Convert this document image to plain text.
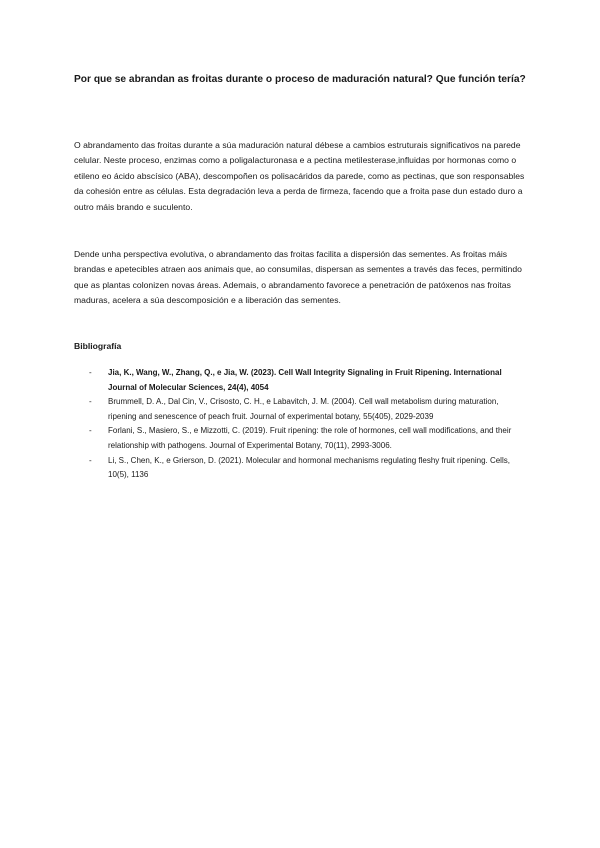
Por que se abrandan as froitas durante o proceso de maduración natural? Que función tería?

O abrandamento das froitas durante a súa maduración natural débese a cambios estruturais significativos na parede celular. Neste proceso, enzimas como a poligalacturonasa e a pectina metilesterase,influidas por hormonas como o etileno eo ácido abscísico (ABA), descompoñen os polisacáridos da parede, como as pectinas, que son responsables da cohesión entre as células. Esta degradación leva a perda de firmeza, facendo que a froita pase dun estado duro a outro máis brando e suculento.

Dende unha perspectiva evolutiva, o abrandamento das froitas facilita a dispersión das sementes. As froitas máis brandas e apetecibles atraen aos animais que, ao consumilas, dispersan as sementes a través das feces, permitindo que as plantas colonizen novas áreas. Ademais, o abrandamento favorece a penetración de patóxenos nas froitas maduras, acelera a súa descomposición e a liberación das sementes.

Bibliografía
- Jia, K., Wang, W., Zhang, Q., e Jia, W. (2023). Cell Wall Integrity Signaling in Fruit Ripening. International Journal of Molecular Sciences, 24(4), 4054
- Brummell, D. A., Dal Cin, V., Crisosto, C. H., e Labavitch, J. M. (2004). Cell wall metabolism during maturation, ripening and senescence of peach fruit. Journal of experimental botany, 55(405), 2029-2039
- Forlani, S., Masiero, S., e Mizzotti, C. (2019). Fruit ripening: the role of hormones, cell wall modifications, and their relationship with pathogens. Journal of Experimental Botany, 70(11), 2993-3006.
- Li, S., Chen, K., e Grierson, D. (2021). Molecular and hormonal mechanisms regulating fleshy fruit ripening. Cells, 10(5), 1136
